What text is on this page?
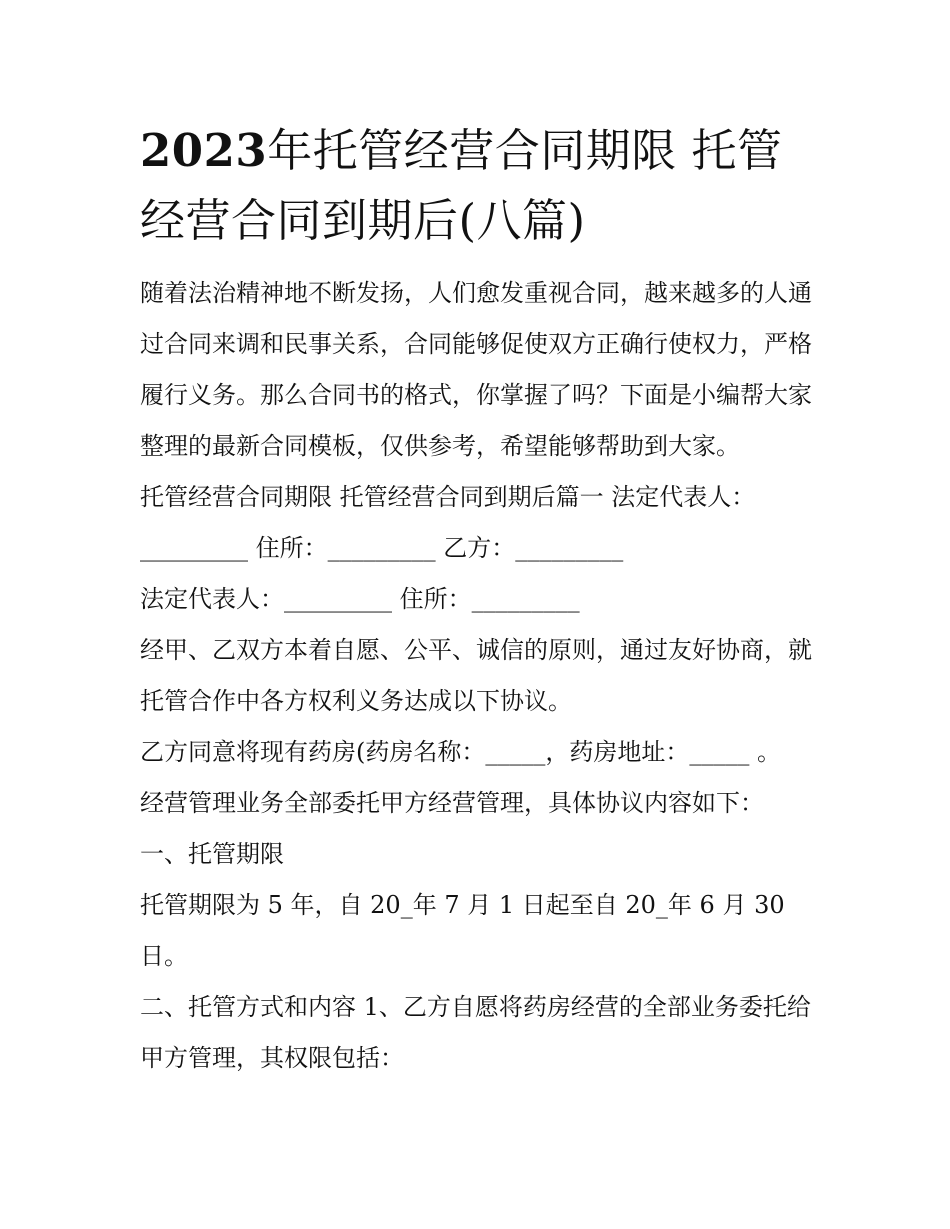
2023年托管经营合同期限 托管经营合同到期后(八篇)

随着法治精神地不断发扬，人们愈发重视合同，越来越多的人通过合同来调和民事关系，合同能够促使双方正确行使权力，严格履行义务。那么合同书的格式，你掌握了吗？下面是小编帮大家整理的最新合同模板，仅供参考，希望能够帮助到大家。

托管经营合同期限 托管经营合同到期后篇一 法定代表人：

_________ 住所：_________ 乙方：_________

法定代表人：_________ 住所：_________

经甲、乙双方本着自愿、公平、诚信的原则，通过友好协商，就托管合作中各方权利义务达成以下协议。

乙方同意将现有药房(药房名称：_____，药房地址：_____ 。

经营管理业务全部委托甲方经营管理，具体协议内容如下：

一、托管期限

托管期限为 5 年，自 20_年 7 月 1 日起至自 20_年 6 月 30 日。

二、托管方式和内容 1、乙方自愿将药房经营的全部业务委托给甲方管理，其权限包括：
